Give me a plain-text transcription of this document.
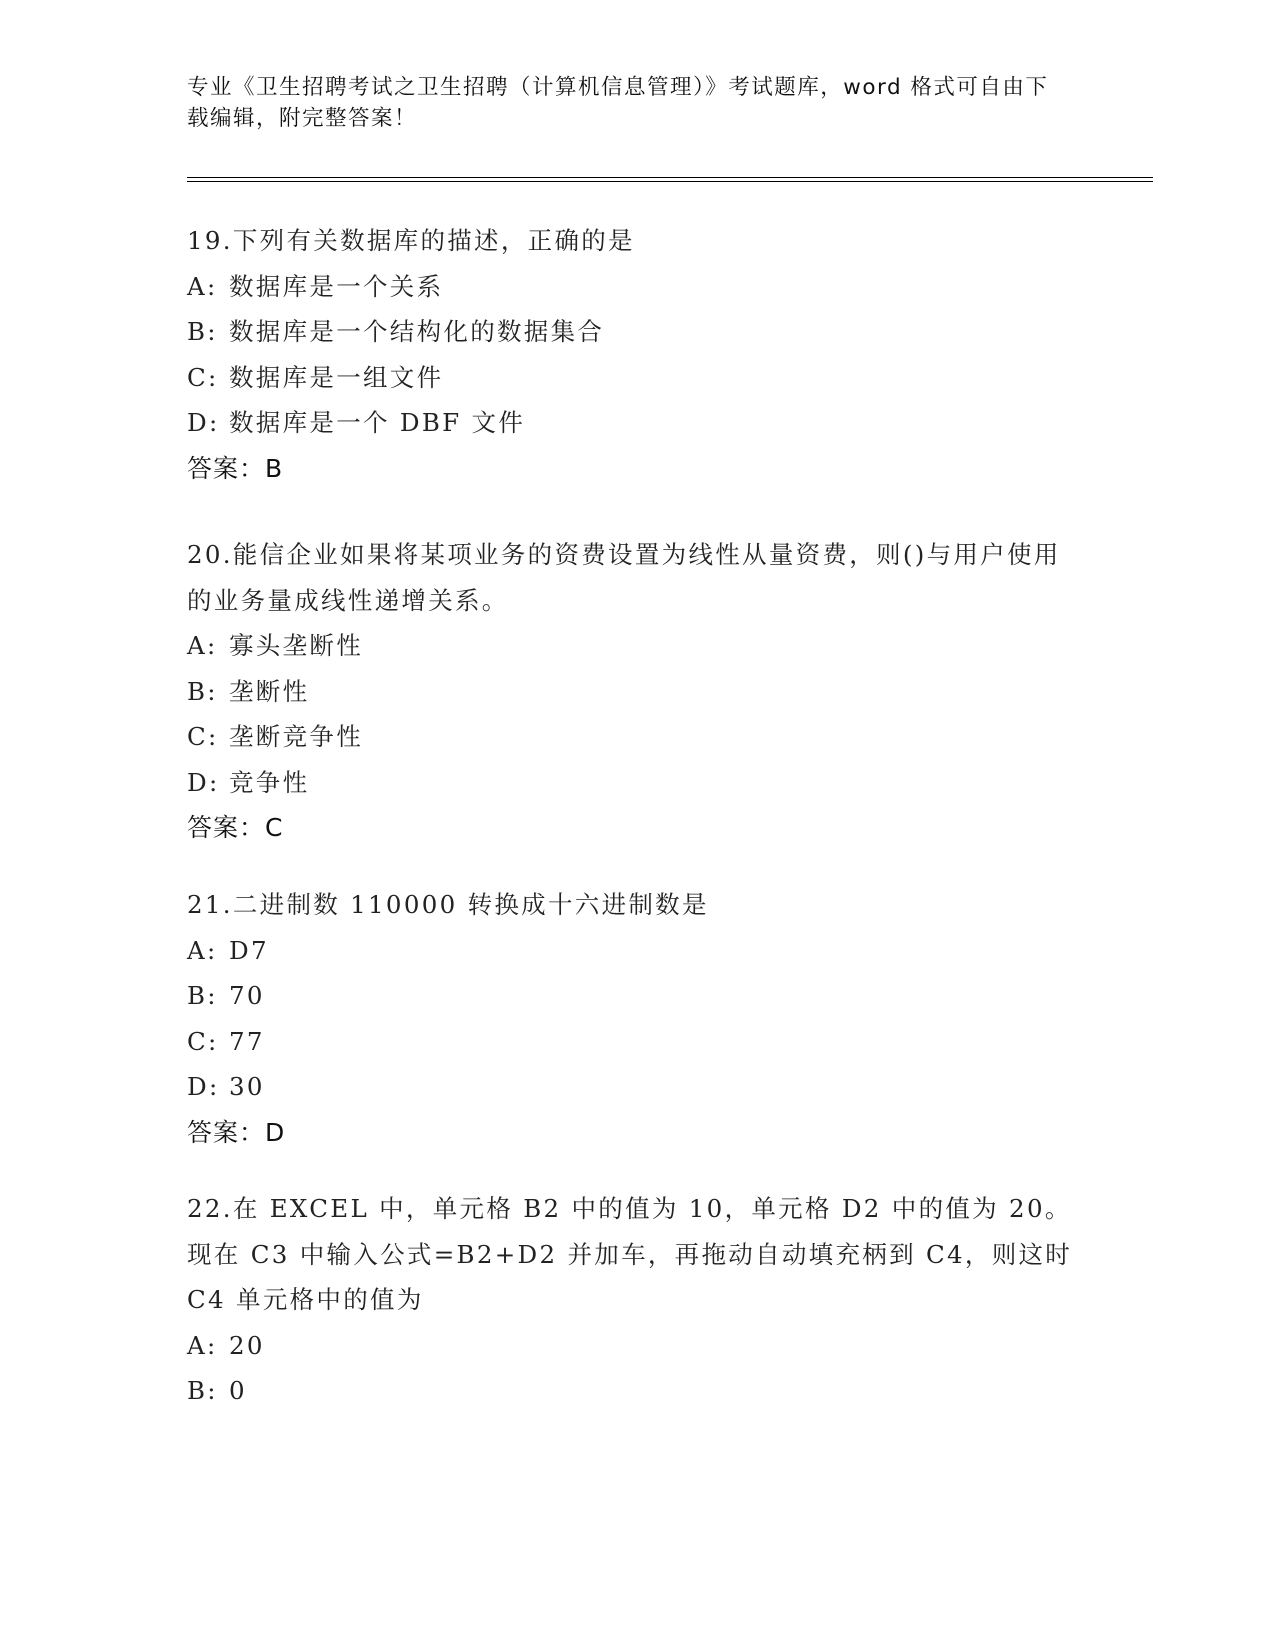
专业《卫生招聘考试之卫生招聘（计算机信息管理）》考试题库，word 格式可自由下载编辑，附完整答案！

19.下列有关数据库的描述，正确的是

A: 数据库是一个关系
B: 数据库是一个结构化的数据集合
C: 数据库是一组文件
D: 数据库是一个 DBF 文件
答案：B

20.能信企业如果将某项业务的资费设置为线性从量资费，则()与用户使用的业务量成线性递增关系。

A: 寡头垄断性
B: 垄断性
C: 垄断竞争性
D: 竞争性
答案：C

21.二进制数 110000 转换成十六进制数是

A: D7
B: 70
C: 77
D: 30
答案：D

22.在 EXCEL 中，单元格 B2 中的值为 10，单元格 D2 中的值为 20。现在 C3 中输入公式=B2+D2 并加车，再拖动自动填充柄到 C4，则这时 C4 单元格中的值为

A: 20
B: 0
